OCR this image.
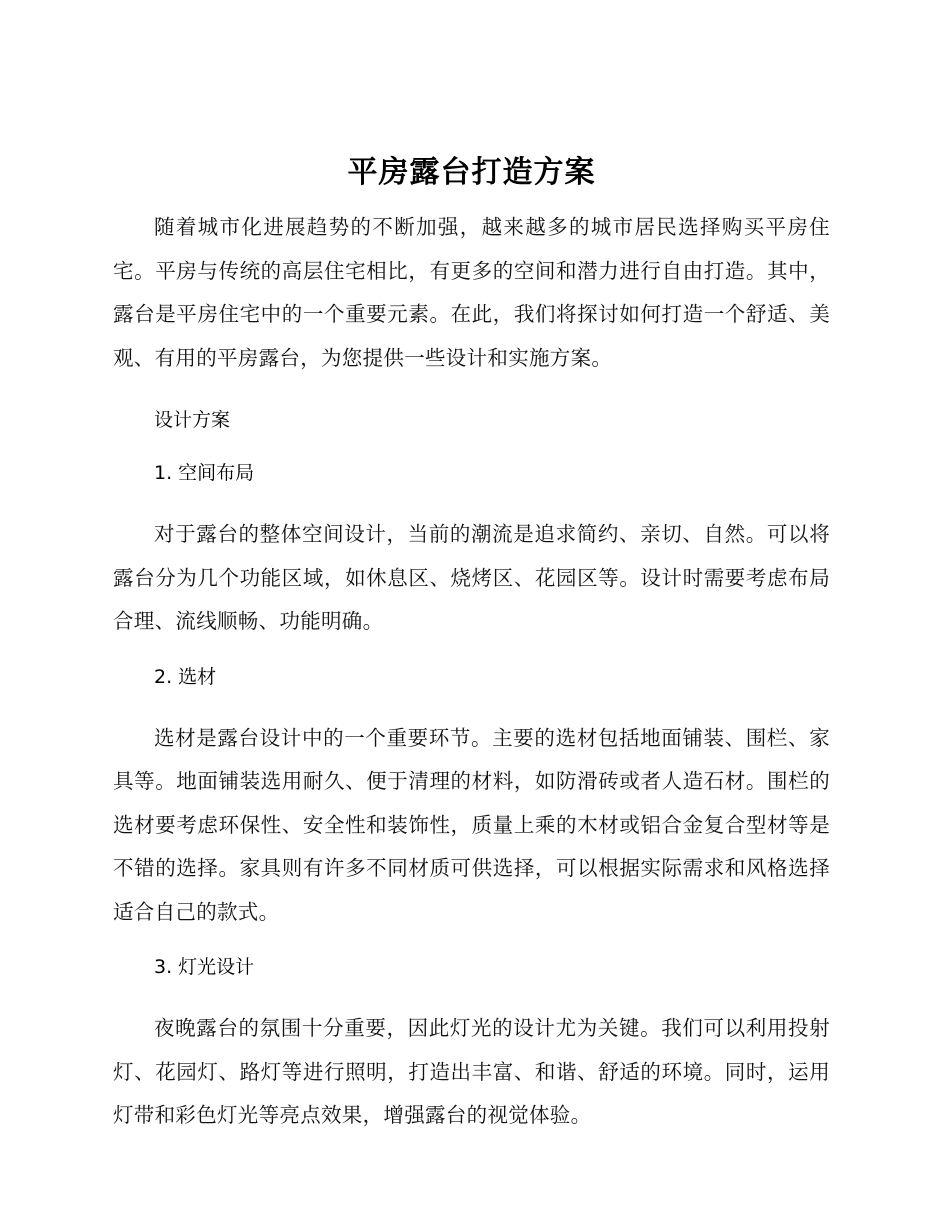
平房露台打造方案

随着城市化进展趋势的不断加强，越来越多的城市居民选择购买平房住宅。平房与传统的高层住宅相比，有更多的空间和潜力进行自由打造。其中，露台是平房住宅中的一个重要元素。在此，我们将探讨如何打造一个舒适、美观、有用的平房露台，为您提供一些设计和实施方案。

设计方案
1. 空间布局

对于露台的整体空间设计，当前的潮流是追求简约、亲切、自然。可以将露台分为几个功能区域，如休息区、烧烤区、花园区等。设计时需要考虑布局合理、流线顺畅、功能明确。

2. 选材

选材是露台设计中的一个重要环节。主要的选材包括地面铺装、围栏、家具等。地面铺装选用耐久、便于清理的材料，如防滑砖或者人造石材。围栏的选材要考虑环保性、安全性和装饰性，质量上乘的木材或铝合金复合型材等是不错的选择。家具则有许多不同材质可供选择，可以根据实际需求和风格选择适合自己的款式。

3. 灯光设计

夜晚露台的氛围十分重要，因此灯光的设计尤为关键。我们可以利用投射灯、花园灯、路灯等进行照明，打造出丰富、和谐、舒适的环境。同时，运用灯带和彩色灯光等亮点效果，增强露台的视觉体验。
